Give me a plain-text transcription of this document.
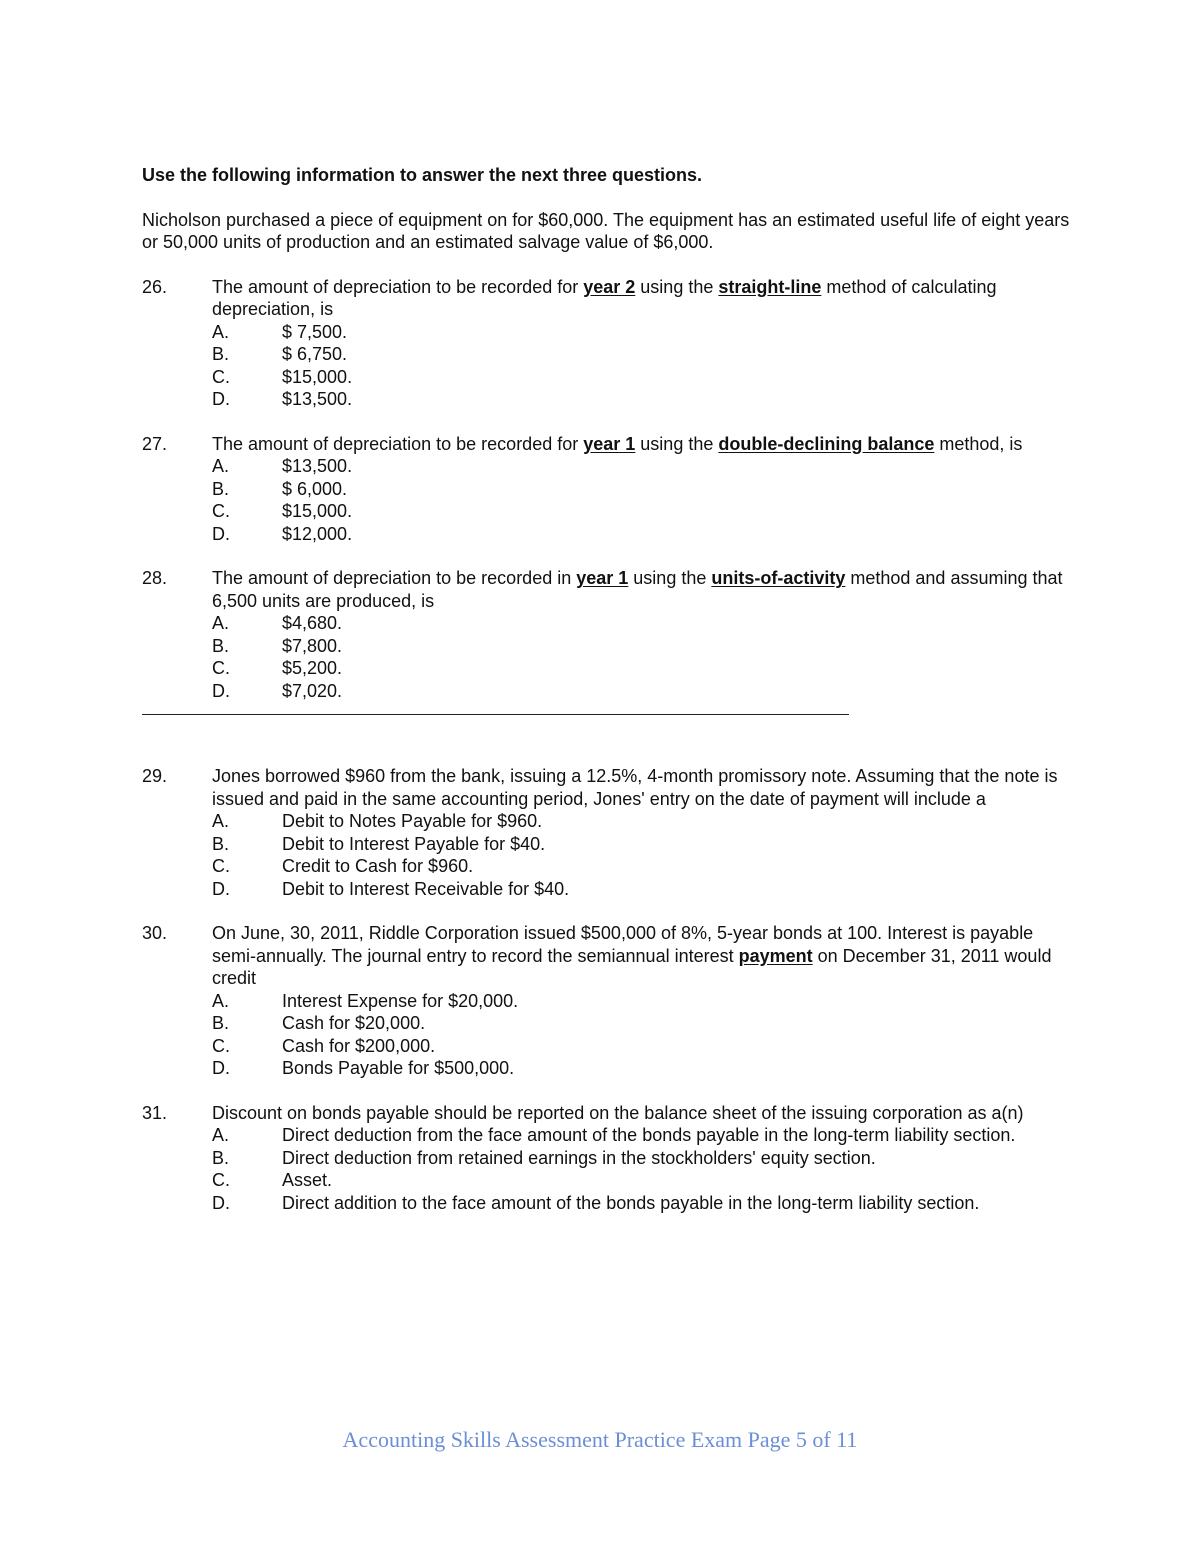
Use the following information to answer the next three questions.

Nicholson purchased a piece of equipment on for $60,000. The equipment has an estimated useful life of eight years or 50,000 units of production and an estimated salvage value of $6,000.

26.	The amount of depreciation to be recorded for year 2 using the straight-line method of calculating depreciation, is
A.	$ 7,500.
B.	$ 6,750.
C.	$15,000.
D.	$13,500.
27.	The amount of depreciation to be recorded for year 1 using the double-declining balance method, is
A.	$13,500.
B.	$ 6,000.
C.	$15,000.
D.	$12,000.
28.	The amount of depreciation to be recorded in year 1 using the units-of-activity method and assuming that 6,500 units are produced, is
A.	$4,680.
B.	$7,800.
C.	$5,200.
D.	$7,020.
29.	Jones borrowed $960 from the bank, issuing a 12.5%, 4-month promissory note. Assuming that the note is issued and paid in the same accounting period, Jones' entry on the date of payment will include a
A.	Debit to Notes Payable for $960.
B.	Debit to Interest Payable for $40.
C.	Credit to Cash for $960.
D.	Debit to Interest Receivable for $40.
30.	On June, 30, 2011, Riddle Corporation issued $500,000 of 8%, 5-year bonds at 100. Interest is payable semi-annually. The journal entry to record the semiannual interest payment on December 31, 2011 would credit
A.	Interest Expense for $20,000.
B.	Cash for $20,000.
C.	Cash for $200,000.
D.	Bonds Payable for $500,000.
31.	Discount on bonds payable should be reported on the balance sheet of the issuing corporation as a(n)
A.	Direct deduction from the face amount of the bonds payable in the long-term liability section.
B.	Direct deduction from retained earnings in the stockholders' equity section.
C.	Asset.
D.	Direct addition to the face amount of the bonds payable in the long-term liability section.
Accounting Skills Assessment Practice Exam Page 5 of 11
